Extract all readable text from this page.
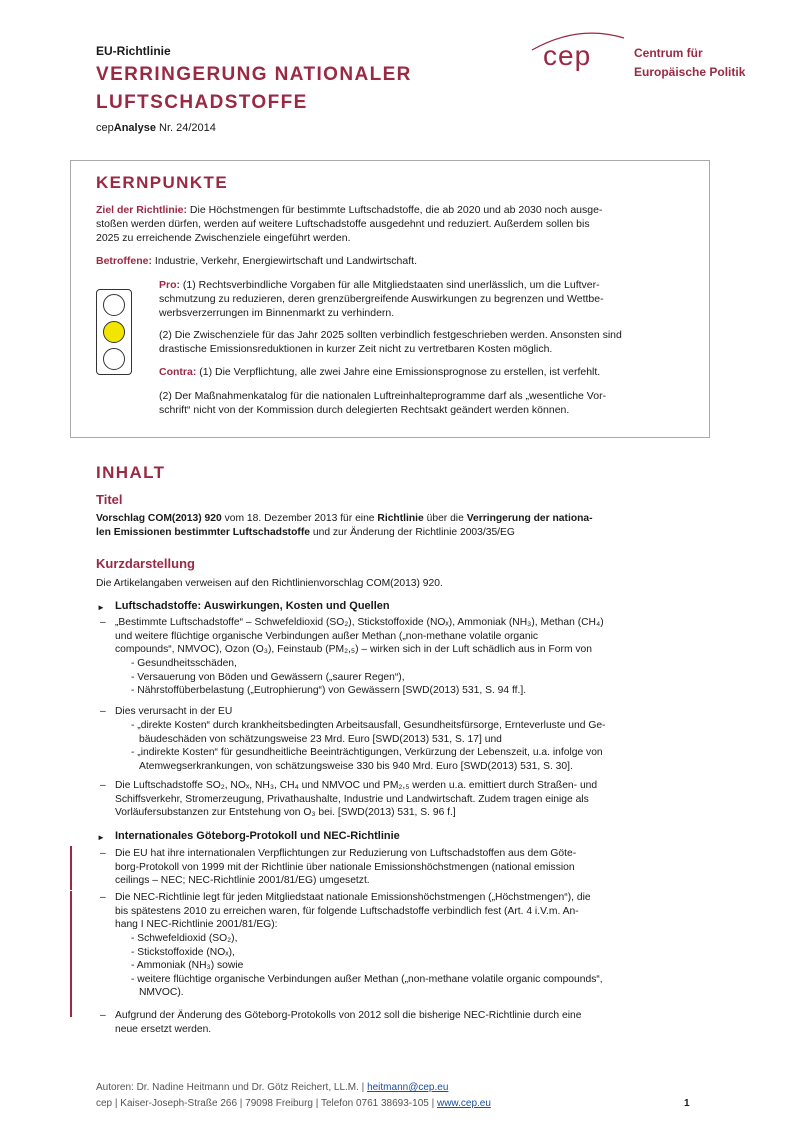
EU-Richtlinie
VERRINGERUNG NATIONALER
LUFTSCHADSTOFFE
cepAnalyse Nr. 24/2014
cep	Centrum für
Europäische Politik
KERNPUNKTE
Ziel der Richtlinie: Die Höchstmengen für bestimmte Luftschadstoffe, die ab 2020 und ab 2030 noch ausge-
stoßen werden dürfen, werden auf weitere Luftschadstoffe ausgedehnt und reduziert. Außerdem sollen bis
2025 zu erreichende Zwischenziele eingeführt werden.
Betroffene: Industrie, Verkehr, Energiewirtschaft und Landwirtschaft.
Pro: (1) Rechtsverbindliche Vorgaben für alle Mitgliedstaaten sind unerlässlich, um die Luftver-
schmutzung zu reduzieren, deren grenzübergreifende Auswirkungen zu begrenzen und Wettbe-
werbsverzerrungen im Binnenmarkt zu verhindern.
(2) Die Zwischenziele für das Jahr 2025 sollten verbindlich festgeschrieben werden. Ansonsten sind
drastische Emissionsreduktionen in kurzer Zeit nicht zu vertretbaren Kosten möglich.
Contra: (1) Die Verpflichtung, alle zwei Jahre eine Emissionsprognose zu erstellen, ist verfehlt.
(2) Der Maßnahmenkatalog für die nationalen Luftreinhalteprogramme darf als „wesentliche Vor-
schrift“ nicht von der Kommission durch delegierten Rechtsakt geändert werden können.
INHALT
Titel
Vorschlag COM(2013) 920 vom 18. Dezember 2013 für eine Richtlinie über die Verringerung der nationa-
len Emissionen bestimmter Luftschadstoffe und zur Änderung der Richtlinie 2003/35/EG
Kurzdarstellung
Die Artikelangaben verweisen auf den Richtlinienvorschlag COM(2013) 920.
► Luftschadstoffe: Auswirkungen, Kosten und Quellen
– „Bestimmte Luftschadstoffe“ – Schwefeldioxid (SO₂), Stickstoffoxide (NOₓ), Ammoniak (NH₃), Methan (CH₄)
und weitere flüchtige organische Verbindungen außer Methan („non-methane volatile organic
compounds“, NMVOC), Ozon (O₃), Feinstaub (PM₂,₅) – wirken sich in der Luft schädlich aus in Form von
- Gesundheitsschäden,
- Versauerung von Böden und Gewässern („saurer Regen“),
- Nährstoffüberbelastung („Eutrophierung“) von Gewässern [SWD(2013) 531, S. 94 ff.].
– Dies verursacht in der EU
- „direkte Kosten“ durch krankheitsbedingten Arbeitsausfall, Gesundheitsfürsorge, Ernteverluste und Ge-
bäudeschäden von schätzungsweise 23 Mrd. Euro [SWD(2013) 531, S. 17] und
- „indirekte Kosten“ für gesundheitliche Beeinträchtigungen, Verkürzung der Lebenszeit, u.a. infolge von
Atemwegserkrankungen, von schätzungsweise 330 bis 940 Mrd. Euro [SWD(2013) 531, S. 30].
– Die Luftschadstoffe SO₂, NOₓ, NH₃, CH₄ und NMVOC und PM₂,₅ werden u.a. emittiert durch Straßen- und
Schiffsverkehr, Stromerzeugung, Privathaushalte, Industrie und Landwirtschaft. Zudem tragen einige als
Vorläufersubstanzen zur Entstehung von O₃ bei. [SWD(2013) 531, S. 96 f.]
► Internationales Göteborg-Protokoll und NEC-Richtlinie
– Die EU hat ihre internationalen Verpflichtungen zur Reduzierung von Luftschadstoffen aus dem Göte-
borg-Protokoll von 1999 mit der Richtlinie über nationale Emissionshöchstmengen (national emission
ceilings – NEC; NEC-Richtlinie 2001/81/EG) umgesetzt.
– Die NEC-Richtlinie legt für jeden Mitgliedstaat nationale Emissionshöchstmengen („Höchstmengen“), die
bis spätestens 2010 zu erreichen waren, für folgende Luftschadstoffe verbindlich fest (Art. 4 i.V.m. An-
hang I NEC-Richtlinie 2001/81/EG):
- Schwefeldioxid (SO₂),
- Stickstoffoxide (NOₓ),
- Ammoniak (NH₃) sowie
- weitere flüchtige organische Verbindungen außer Methan („non-methane volatile organic compounds“,
NMVOC).
– Aufgrund der Änderung des Göteborg-Protokolls von 2012 soll die bisherige NEC-Richtlinie durch eine
neue ersetzt werden.
Autoren: Dr. Nadine Heitmann und Dr. Götz Reichert, LL.M. | heitmann@cep.eu
cep | Kaiser-Joseph-Straße 266 | 79098 Freiburg | Telefon 0761 38693-105 | www.cep.eu	1
